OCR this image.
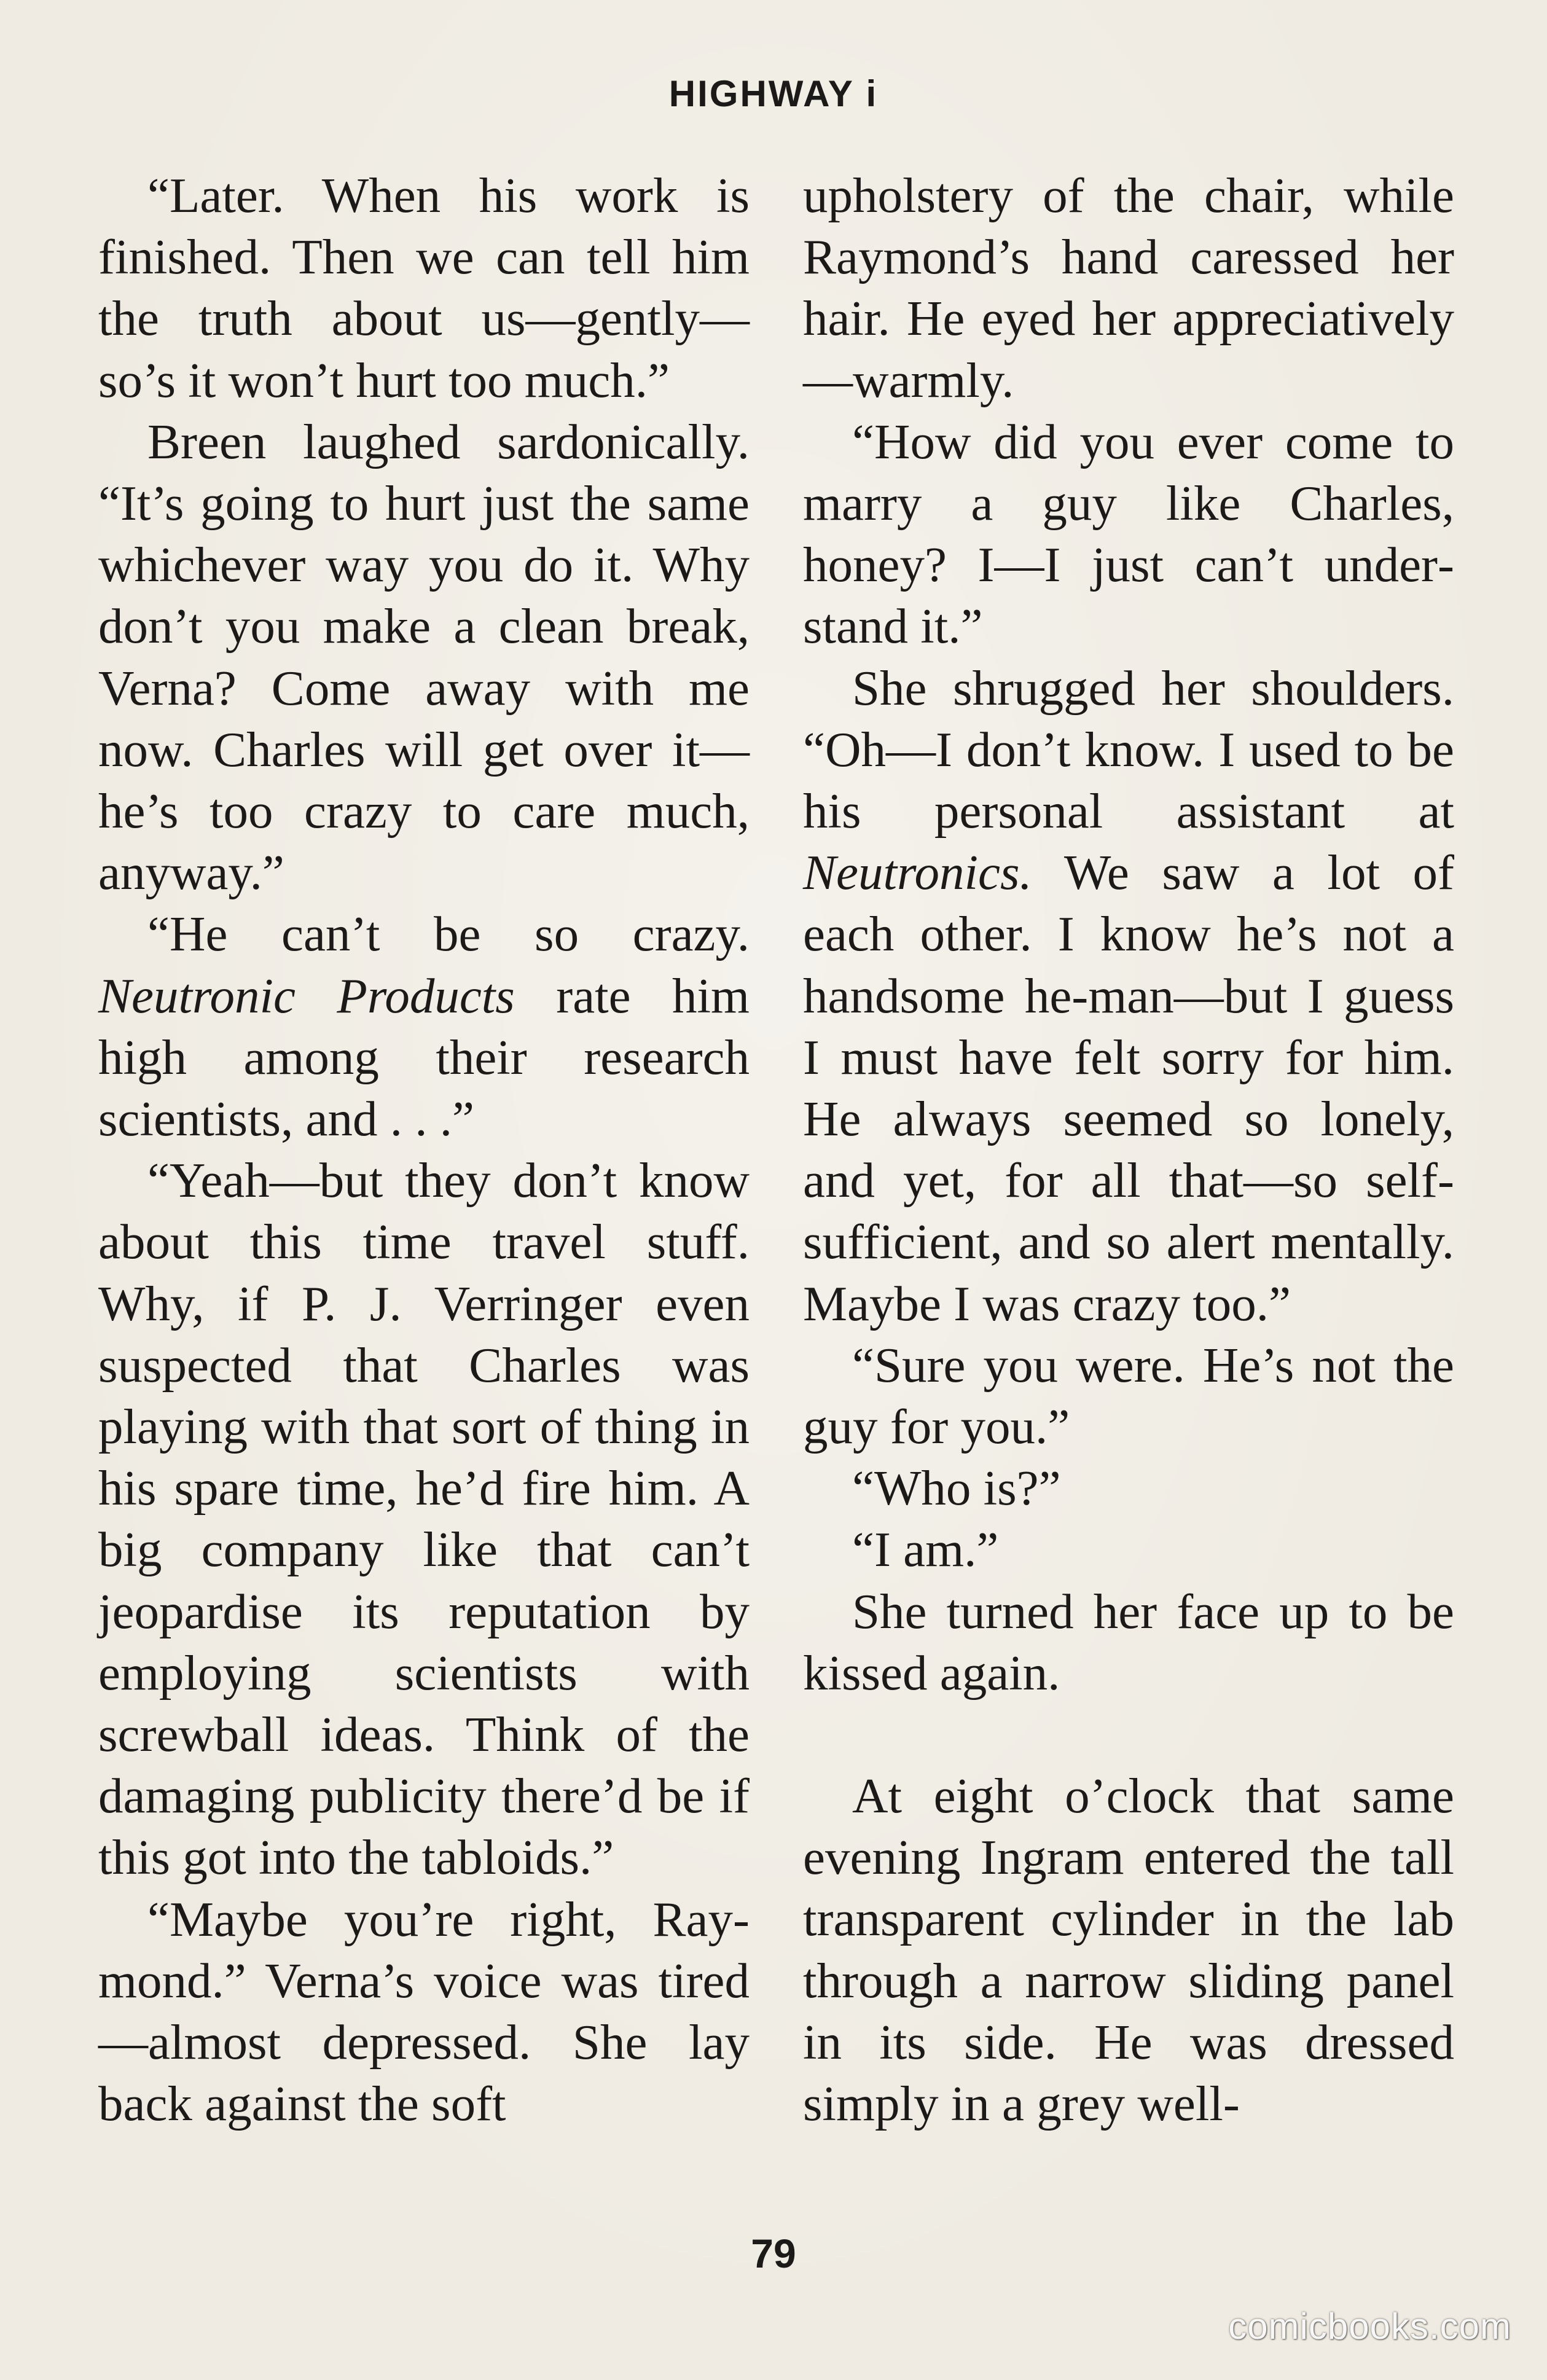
HIGHWAY i

“Later. When his work is finished. Then we can tell him the truth about us—gently— so’s it won’t hurt too much.”

Breen laughed sardonically. “It’s going to hurt just the same whichever way you do it. Why don’t you make a clean break, Verna? Come away with me now. Charles will get over it—he’s too crazy to care much, anyway.”

“He can’t be so crazy. Neutronic Products rate him high among their research scientists, and . . .”

“Yeah—but they don’t know about this time travel stuff. Why, if P. J. Verringer even suspected that Charles was playing with that sort of thing in his spare time, he’d fire him. A big company like that can’t jeopardise its reputation by employing scientists with screwball ideas. Think of the damaging publicity there’d be if this got into the tabloids.”

“Maybe you’re right, Raymond.” Verna’s voice was tired—almost depressed. She lay back against the soft

upholstery of the chair, while Raymond’s hand caressed her hair. He eyed her appreciatively—warmly.

“How did you ever come to marry a guy like Charles, honey? I—I just can’t understand it.”

She shrugged her shoulders. “Oh—I don’t know. I used to be his personal assistant at Neutronics. We saw a lot of each other. I know he’s not a handsome he-man—but I guess I must have felt sorry for him. He always seemed so lonely, and yet, for all that—so self-sufficient, and so alert mentally. Maybe I was crazy too.”

“Sure you were. He’s not the guy for you.”

“Who is?”

“I am.”

She turned her face up to be kissed again.

At eight o’clock that same evening Ingram entered the tall transparent cylinder in the lab through a narrow sliding panel in its side. He was dressed simply in a grey well-

79
comicbooks.com
